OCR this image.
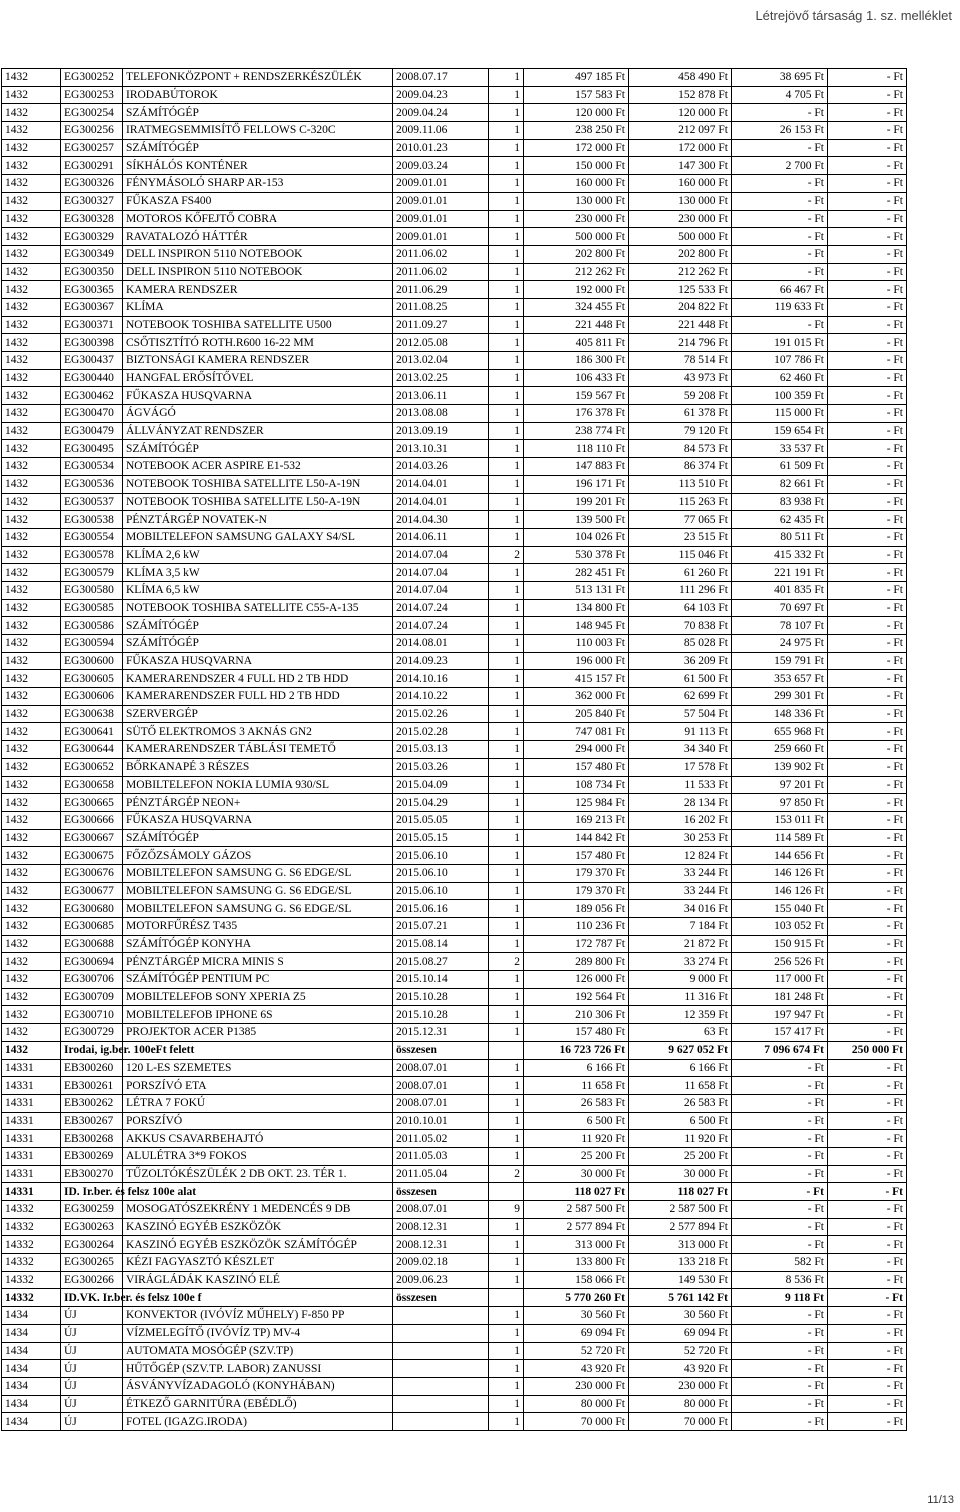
Létrejövő társaság 1. sz. melléklet
1432	EG300252	TELEFONKÖZPONT + RENDSZERKÉSZÜLÉK	2008.07.17	1	497 185 Ft	458 490 Ft	38 695 Ft	- Ft
1432	EG300253	IRODABÚTOROK	2009.04.23	1	157 583 Ft	152 878 Ft	4 705 Ft	- Ft
1432	EG300254	SZÁMÍTÓGÉP	2009.04.24	1	120 000 Ft	120 000 Ft	- Ft	- Ft
1432	EG300256	IRATMEGSEMMISÍTŐ FELLOWS C-320C	2009.11.06	1	238 250 Ft	212 097 Ft	26 153 Ft	- Ft
1432	EG300257	SZÁMÍTÓGÉP	2010.01.23	1	172 000 Ft	172 000 Ft	- Ft	- Ft
1432	EG300291	SÍKHÁLÓS KONTÉNER	2009.03.24	1	150 000 Ft	147 300 Ft	2 700 Ft	- Ft
1432	EG300326	FÉNYMÁSOLÓ SHARP AR-153	2009.01.01	1	160 000 Ft	160 000 Ft	- Ft	- Ft
1432	EG300327	FŰKASZA FS400	2009.01.01	1	130 000 Ft	130 000 Ft	- Ft	- Ft
1432	EG300328	MOTOROS KŐFEJTŐ COBRA	2009.01.01	1	230 000 Ft	230 000 Ft	- Ft	- Ft
1432	EG300329	RAVATALOZÓ HÁTTÉR	2009.01.01	1	500 000 Ft	500 000 Ft	- Ft	- Ft
1432	EG300349	DELL INSPIRON 5110 NOTEBOOK	2011.06.02	1	202 800 Ft	202 800 Ft	- Ft	- Ft
1432	EG300350	DELL INSPIRON 5110 NOTEBOOK	2011.06.02	1	212 262 Ft	212 262 Ft	- Ft	- Ft
1432	EG300365	KAMERA RENDSZER	2011.06.29	1	192 000 Ft	125 533 Ft	66 467 Ft	- Ft
1432	EG300367	KLÍMA	2011.08.25	1	324 455 Ft	204 822 Ft	119 633 Ft	- Ft
1432	EG300371	NOTEBOOK TOSHIBA SATELLITE U500	2011.09.27	1	221 448 Ft	221 448 Ft	- Ft	- Ft
1432	EG300398	CSŐTISZTÍTÓ ROTH.R600 16-22 MM	2012.05.08	1	405 811 Ft	214 796 Ft	191 015 Ft	- Ft
1432	EG300437	BIZTONSÁGI KAMERA RENDSZER	2013.02.04	1	186 300 Ft	78 514 Ft	107 786 Ft	- Ft
1432	EG300440	HANGFAL ERŐSÍTŐVEL	2013.02.25	1	106 433 Ft	43 973 Ft	62 460 Ft	- Ft
1432	EG300462	FŰKASZA HUSQVARNA	2013.06.11	1	159 567 Ft	59 208 Ft	100 359 Ft	- Ft
1432	EG300470	ÁGVÁGÓ	2013.08.08	1	176 378 Ft	61 378 Ft	115 000 Ft	- Ft
1432	EG300479	ÁLLVÁNYZAT RENDSZER	2013.09.19	1	238 774 Ft	79 120 Ft	159 654 Ft	- Ft
1432	EG300495	SZÁMÍTÓGÉP	2013.10.31	1	118 110 Ft	84 573 Ft	33 537 Ft	- Ft
1432	EG300534	NOTEBOOK ACER ASPIRE E1-532	2014.03.26	1	147 883 Ft	86 374 Ft	61 509 Ft	- Ft
1432	EG300536	NOTEBOOK TOSHIBA SATELLITE L50-A-19N	2014.04.01	1	196 171 Ft	113 510 Ft	82 661 Ft	- Ft
1432	EG300537	NOTEBOOK TOSHIBA SATELLITE L50-A-19N	2014.04.01	1	199 201 Ft	115 263 Ft	83 938 Ft	- Ft
1432	EG300538	PÉNZTÁRGÉP NOVATEK-N	2014.04.30	1	139 500 Ft	77 065 Ft	62 435 Ft	- Ft
1432	EG300554	MOBILTELEFON SAMSUNG GALAXY S4/SL	2014.06.11	1	104 026 Ft	23 515 Ft	80 511 Ft	- Ft
1432	EG300578	KLÍMA 2,6 kW	2014.07.04	2	530 378 Ft	115 046 Ft	415 332 Ft	- Ft
1432	EG300579	KLÍMA 3,5 kW	2014.07.04	1	282 451 Ft	61 260 Ft	221 191 Ft	- Ft
1432	EG300580	KLÍMA 6,5 kW	2014.07.04	1	513 131 Ft	111 296 Ft	401 835 Ft	- Ft
1432	EG300585	NOTEBOOK TOSHIBA SATELLITE C55-A-135	2014.07.24	1	134 800 Ft	64 103 Ft	70 697 Ft	- Ft
1432	EG300586	SZÁMÍTÓGÉP	2014.07.24	1	148 945 Ft	70 838 Ft	78 107 Ft	- Ft
1432	EG300594	SZÁMÍTÓGÉP	2014.08.01	1	110 003 Ft	85 028 Ft	24 975 Ft	- Ft
1432	EG300600	FŰKASZA HUSQVARNA	2014.09.23	1	196 000 Ft	36 209 Ft	159 791 Ft	- Ft
1432	EG300605	KAMERARENDSZER 4 FULL HD 2 TB HDD	2014.10.16	1	415 157 Ft	61 500 Ft	353 657 Ft	- Ft
1432	EG300606	KAMERARENDSZER FULL HD 2 TB HDD	2014.10.22	1	362 000 Ft	62 699 Ft	299 301 Ft	- Ft
1432	EG300638	SZERVERGÉP	2015.02.26	1	205 840 Ft	57 504 Ft	148 336 Ft	- Ft
1432	EG300641	SÜTŐ ELEKTROMOS 3 AKNÁS GN2	2015.02.28	1	747 081 Ft	91 113 Ft	655 968 Ft	- Ft
1432	EG300644	KAMERARENDSZER TÁBLÁSI TEMETŐ	2015.03.13	1	294 000 Ft	34 340 Ft	259 660 Ft	- Ft
1432	EG300652	BŐRKANAPÉ 3 RÉSZES	2015.03.26	1	157 480 Ft	17 578 Ft	139 902 Ft	- Ft
1432	EG300658	MOBILTELEFON NOKIA LUMIA 930/SL	2015.04.09	1	108 734 Ft	11 533 Ft	97 201 Ft	- Ft
1432	EG300665	PÉNZTÁRGÉP NEON+	2015.04.29	1	125 984 Ft	28 134 Ft	97 850 Ft	- Ft
1432	EG300666	FŰKASZA HUSQVARNA	2015.05.05	1	169 213 Ft	16 202 Ft	153 011 Ft	- Ft
1432	EG300667	SZÁMÍTÓGÉP	2015.05.15	1	144 842 Ft	30 253 Ft	114 589 Ft	- Ft
1432	EG300675	FŐZŐZSÁMOLY GÁZOS	2015.06.10	1	157 480 Ft	12 824 Ft	144 656 Ft	- Ft
1432	EG300676	MOBILTELEFON SAMSUNG G. S6 EDGE/SL	2015.06.10	1	179 370 Ft	33 244 Ft	146 126 Ft	- Ft
1432	EG300677	MOBILTELEFON SAMSUNG G. S6 EDGE/SL	2015.06.10	1	179 370 Ft	33 244 Ft	146 126 Ft	- Ft
1432	EG300680	MOBILTELEFON SAMSUNG G. S6 EDGE/SL	2015.06.16	1	189 056 Ft	34 016 Ft	155 040 Ft	- Ft
1432	EG300685	MOTORFŰRÉSZ T435	2015.07.21	1	110 236 Ft	7 184 Ft	103 052 Ft	- Ft
1432	EG300688	SZÁMÍTÓGÉP KONYHA	2015.08.14	1	172 787 Ft	21 872 Ft	150 915 Ft	- Ft
1432	EG300694	PÉNZTÁRGÉP MICRA MINIS S	2015.08.27	2	289 800 Ft	33 274 Ft	256 526 Ft	- Ft
1432	EG300706	SZÁMÍTÓGÉP PENTIUM PC	2015.10.14	1	126 000 Ft	9 000 Ft	117 000 Ft	- Ft
1432	EG300709	MOBILTELEFOB SONY XPERIA Z5	2015.10.28	1	192 564 Ft	11 316 Ft	181 248 Ft	- Ft
1432	EG300710	MOBILTELEFOB IPHONE 6S	2015.10.28	1	210 306 Ft	12 359 Ft	197 947 Ft	- Ft
1432	EG300729	PROJEKTOR ACER P1385	2015.12.31	1	157 480 Ft	63 Ft	157 417 Ft	- Ft
1432	Irodai, ig.ber. 100eFt felett		összesen		16 723 726 Ft	9 627 052 Ft	7 096 674 Ft	250 000 Ft
14331	EB300260	120 L-ES SZEMETES	2008.07.01	1	6 166 Ft	6 166 Ft	- Ft	- Ft
14331	EB300261	PORSZÍVÓ ETA	2008.07.01	1	11 658 Ft	11 658 Ft	- Ft	- Ft
14331	EB300262	LÉTRA 7 FOKÚ	2008.07.01	1	26 583 Ft	26 583 Ft	- Ft	- Ft
14331	EB300267	PORSZÍVÓ	2010.10.01	1	6 500 Ft	6 500 Ft	- Ft	- Ft
14331	EB300268	AKKUS CSAVARBEHAJTÓ	2011.05.02	1	11 920 Ft	11 920 Ft	- Ft	- Ft
14331	EB300269	ALULÉTRA 3*9 FOKOS	2011.05.03	1	25 200 Ft	25 200 Ft	- Ft	- Ft
14331	EB300270	TŰZOLTÓKÉSZÜLÉK 2 DB OKT. 23. TÉR 1.	2011.05.04	2	30 000 Ft	30 000 Ft	- Ft	- Ft
14331	ID. Ir.ber. és felsz 100e alat		összesen		118 027 Ft	118 027 Ft	- Ft	- Ft
14332	EG300259	MOSOGATÓSZEKRÉNY 1 MEDENCÉS 9 DB	2008.07.01	9	2 587 500 Ft	2 587 500 Ft	- Ft	- Ft
14332	EG300263	KASZINÓ EGYÉB ESZKÖZÖK	2008.12.31	1	2 577 894 Ft	2 577 894 Ft	- Ft	- Ft
14332	EG300264	KASZINÓ EGYÉB ESZKÖZÖK SZÁMÍTÓGÉP	2008.12.31	1	313 000 Ft	313 000 Ft	- Ft	- Ft
14332	EG300265	KÉZI FAGYASZTÓ KÉSZLET	2009.02.18	1	133 800 Ft	133 218 Ft	582 Ft	- Ft
14332	EG300266	VIRÁGLÁDÁK KASZINÓ ELÉ	2009.06.23	1	158 066 Ft	149 530 Ft	8 536 Ft	- Ft
14332	ID.VK. Ir.ber. és felsz 100e f		összesen		5 770 260 Ft	5 761 142 Ft	9 118 Ft	- Ft
1434	ÚJ	KONVEKTOR (IVÓVÍZ MŰHELY) F-850 PP		1	30 560 Ft	30 560 Ft	- Ft	- Ft
1434	ÚJ	VÍZMELEGÍTŐ (IVÓVÍZ TP) MV-4		1	69 094 Ft	69 094 Ft	- Ft	- Ft
1434	ÚJ	AUTOMATA MOSÓGÉP (SZV.TP)		1	52 720 Ft	52 720 Ft	- Ft	- Ft
1434	ÚJ	HŰTŐGÉP (SZV.TP. LABOR) ZANUSSI		1	43 920 Ft	43 920 Ft	- Ft	- Ft
1434	ÚJ	ÁSVÁNYVÍZADAGOLÓ (KONYHÁBAN)		1	230 000 Ft	230 000 Ft	- Ft	- Ft
1434	ÚJ	ÉTKEZŐ GARNITÚRA (EBÉDLŐ)		1	80 000 Ft	80 000 Ft	- Ft	- Ft
1434	ÚJ	FOTEL (IGAZG.IRODA)		1	70 000 Ft	70 000 Ft	- Ft	- Ft
11/13
